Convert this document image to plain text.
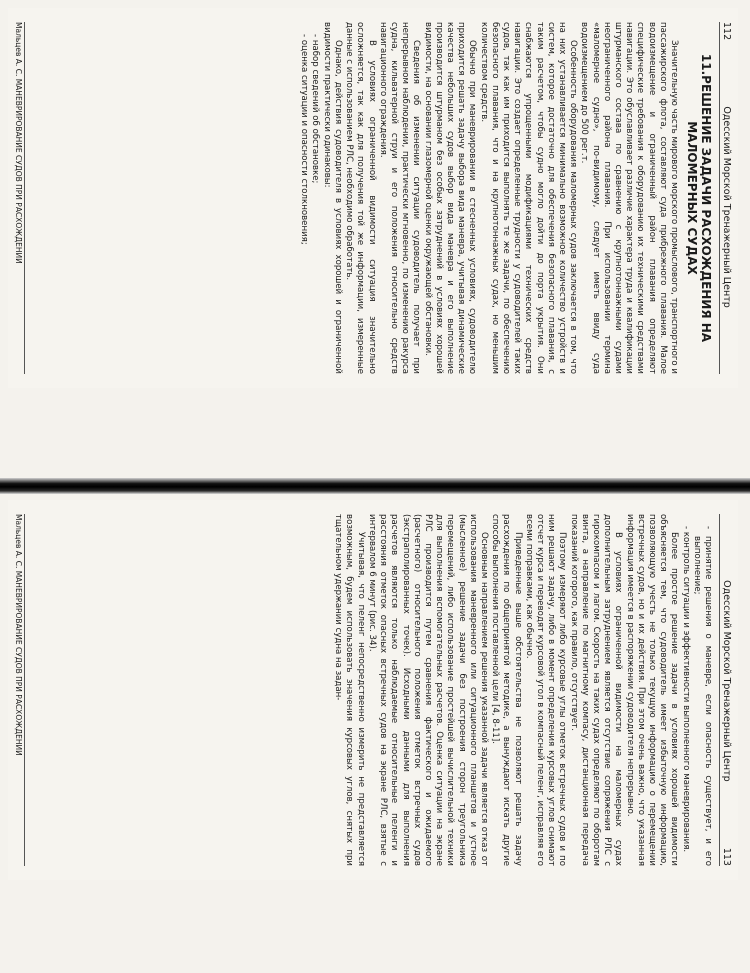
112
Одесский Морской Тренажерный Центр
11.РЕШЕНИЕ ЗАДАЧИ РАСХОЖДЕНИЯ НА МАЛОМЕРНЫХ СУДАХ

Значительную часть мирового морского промыслового, транспортного и пассажирского флота, составляют суда прибрежного плавания. Малое водоизмещение и ограниченный район плавания определяют специфические требования к оборудованию их техническими средствами навигации. Это обуславливает различие характера труда и квалификации штурманского состава по сравнению с крупнотоннажными судами неограниченного района плавания. При использовании термина «маломерное судно», по-видимому, следует иметь ввиду суда водоизмещением до 500 рег.т.

Особенность оборудования маломерных судов заключается в том, что на них устанавливается минимально возможное количество устройств и систем, которое достаточно для обеспечения безопасного плавания, с таким расчетом, чтобы судно могло дойти до порта укрытия. Они снабжаются упрощенными модификациями технических средств навигации. Это создает определенные трудности у судоводителей таких судов, так как им приходится выполнять те же задачи, по обеспечению безопасного плавания, что и на крупнотоннажных судах, но меньшим количеством средств.

Обычно при маневрировании в стесненных условиях, судоводителю приходится решать задачу выбора вида маневра, учитывая динамические качества небольших судов выбор вида маневра и его выполнение производится штурманом без особых затруднений в условиях хорошей видимости, на основании глазомерной оценки окружающей обстановки.

Сведения об изменении ситуации судоводитель получает при непрерывном наблюдении, практически мгновенно, по изменению ракурса судна, кильватерной струи и его положения относительно средств навигационного ограждения.

В условиях ограниченной видимости ситуация значительно осложняется, так как для получения той же информации, измеренные данные с использованием РЛС, необходимо обработать.

Однако, действия судоводителя в условиях хорошей и ограниченной видимости практически одинаковы:

- набор сведений об обстановке;
- оценка ситуации и опасности столкновения;
Мальцев А. С. МАНЕВРИРОВАНИЕ СУДОВ ПРИ РАСХОЖДЕНИИ
Одесский Морской Тренажерный Центр
113
- принятие решения о маневре, если опасность существует, и его выполнение;
- контроль ситуации и эффективности выполненного маневрирования.

Более простое решение задачи в условиях хорошей видимости объясняется тем, что судоводитель имеет избыточную информацию, позволяющую учесть не только текущую информацию о перемещении встречных судов, но и их действия. При этом очень важно, что указанная информация имеется в распоряжении судоводителя непрерывно.

В условиях ограниченной видимости на маломерных судах дополнительным затруднением является отсутствие сопряжения РЛС с гирокомпасом и лагом. Скорость на таких судах определяют по оборотам винта, а направление по магнитному компасу, дистанционная передача показаний которого, как правило, отсутствует.

Поэтому измеряют либо курсовые углы отметок встречных судов и по ним решают задачу, либо в момент определения курсовых углов снимают отсчет курса и переводят курсовой угол в компасный пеленг, исправляя его всеми поправками, как обычно.

Приведенные выше обстоятельства не позволяют решать задачу расхождения по общепринятой методике, а вынуждают искать другие способы выполнения поставленной цели [4, 8-11].

Основным направлением решения указанной задачи является отказ от использования маневренного или ситуационного планшетов и устное (мысленное) решение задачи без построения сторон треугольника перемещений, либо использование простейшей вычислительной техники для выполнения вспомогательных расчетов. Оценка ситуации на экране РЛС производится путем сравнения фактического и ожидаемого (расчетного) относительного положения отметок встречных судов (экстраполированных точек). Исходными данными для выполнения расчетов являются только наблюдаемые относительные пеленги и расстояния отметок опасных встречных судов на экране РЛС, взятые с интервалом 6 минут (рис. 34).

Учитывая, что пеленг непосредственно измерить не представляется возможным, будем использовать значения курсовых углов, снятых при тщательном удержании судна на задан-

Мальцев А. С. МАНЕВРИРОВАНИЕ СУДОВ ПРИ РАСХОЖДЕНИИ
